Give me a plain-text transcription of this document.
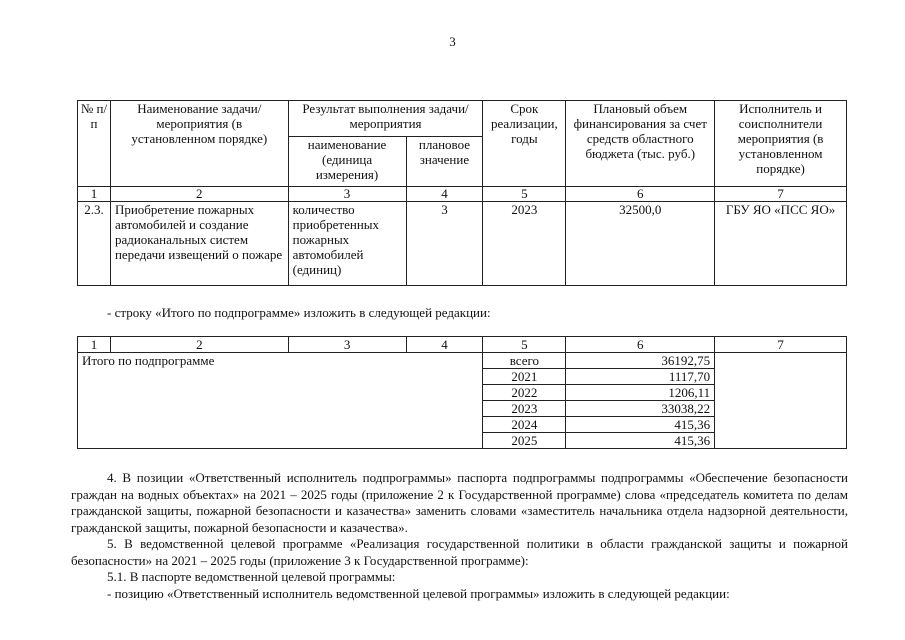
3
№ п/п	Наименование задачи/ мероприятия (в установленном порядке)	Результат выполнения задачи/ мероприятия		Срок реализации, годы	Плановый объем финансирования за счет средств областного бюджета (тыс. руб.)	Исполнитель и соисполнители мероприятия (в установленном порядке)
		наименование (единица измерения)	плановое значение			
1	2	3	4	5	6	7
2.3.	Приобретение пожарных автомобилей и создание радиоканальных систем передачи извещений о пожаре	количество приобретенных пожарных автомобилей (единиц)	3	2023	32500,0	ГБУ ЯО «ПСС ЯО»

- строку «Итого по подпрограмме» изложить в следующей редакции:

1	2	3	4	5	6	7
Итого по подпрограмме				всего	36192,75	
				2021	1117,70	
				2022	1206,11	
				2023	33038,22	
				2024	415,36	
				2025	415,36	

4. В позиции «Ответственный исполнитель подпрограммы» паспорта подпрограммы подпрограммы «Обеспечение безопасности граждан на водных объектах» на 2021 – 2025 годы (приложение 2 к Государственной программе) слова «председатель комитета по делам гражданской защиты, пожарной безопасности и казачества» заменить словами «заместитель начальника отдела надзорной деятельности, гражданской защиты, пожарной безопасности и казачества».

5. В ведомственной целевой программе «Реализация государственной политики в области гражданской защиты и пожарной безопасности» на 2021 – 2025 годы (приложение 3 к Государственной программе):

5.1. В паспорте ведомственной целевой программы:

- позицию «Ответственный исполнитель ведомственной целевой программы» изложить в следующей редакции:
